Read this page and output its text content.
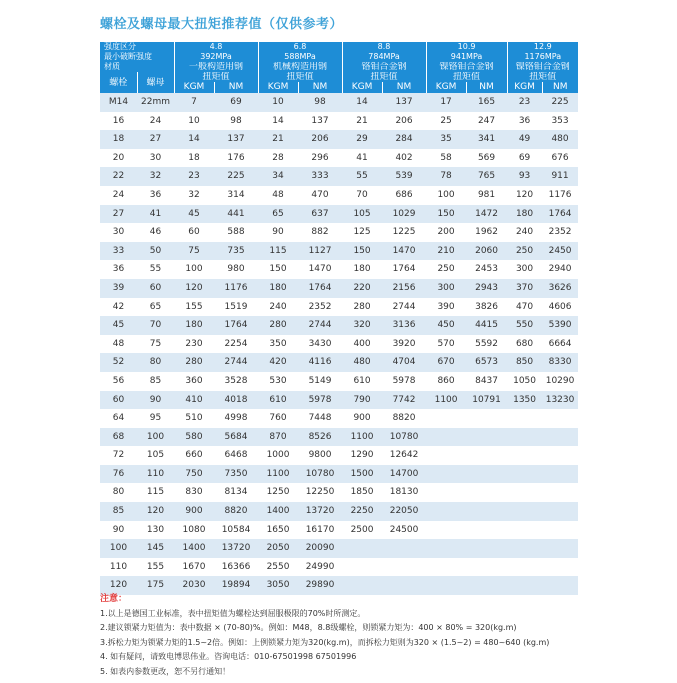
螺栓及螺母最大扭矩推荐值（仅供参考）
强度区分		4.8		6.8		8.8		10.9		12.9	
最小破断强度		392MPa		588MPa		784MPa		941MPa		1176MPa	
材质		一般构造用钢		机械构造用钢		铬钼合金钢		镍铬钼合金钢		镍铬钼合金钢	
螺栓	螺母	扭矩值		扭矩值		扭矩值		扭矩值		扭矩值	
		KGM	NM	KGM	NM	KGM	NM	KGM	NM	KGM	NM
M14	22mm	7	69	10	98	14	137	17	165	23	225
16	24	10	98	14	137	21	206	25	247	36	353
18	27	14	137	21	206	29	284	35	341	49	480
20	30	18	176	28	296	41	402	58	569	69	676
22	32	23	225	34	333	55	539	78	765	93	911
24	36	32	314	48	470	70	686	100	981	120	1176
27	41	45	441	65	637	105	1029	150	1472	180	1764
30	46	60	588	90	882	125	1225	200	1962	240	2352
33	50	75	735	115	1127	150	1470	210	2060	250	2450
36	55	100	980	150	1470	180	1764	250	2453	300	2940
39	60	120	1176	180	1764	220	2156	300	2943	370	3626
42	65	155	1519	240	2352	280	2744	390	3826	470	4606
45	70	180	1764	280	2744	320	3136	450	4415	550	5390
48	75	230	2254	350	3430	400	3920	570	5592	680	6664
52	80	280	2744	420	4116	480	4704	670	6573	850	8330
56	85	360	3528	530	5149	610	5978	860	8437	1050	10290
60	90	410	4018	610	5978	790	7742	1100	10791	1350	13230
64	95	510	4998	760	7448	900	8820				
68	100	580	5684	870	8526	1100	10780				
72	105	660	6468	1000	9800	1290	12642				
76	110	750	7350	1100	10780	1500	14700				
80	115	830	8134	1250	12250	1850	18130				
85	120	900	8820	1400	13720	2250	22050				
90	130	1080	10584	1650	16170	2500	24500				
100	145	1400	13720	2050	20090						
110	155	1670	16366	2550	24990						
120	175	2030	19894	3050	29890						
注意：
1.以上是德国工业标准，表中扭矩值为螺栓达到屈服极限的70%时所测定。
2.建议锁紧力矩值为：表中数据 × (70-80)%。例如：M48，8.8级螺栓，则锁紧力矩为：400 × 80% = 320(kg.m)
3.拆松力矩为锁紧力矩的1.5~2倍。例如：上例锁紧力矩为320(kg.m)，而拆松力矩则为320 × (1.5~2) = 480~640 (kg.m)
4. 如有疑问，请致电博思伟业。咨询电话：010-67501998 67501996
5. 如表内参数更改，恕不另行通知！
